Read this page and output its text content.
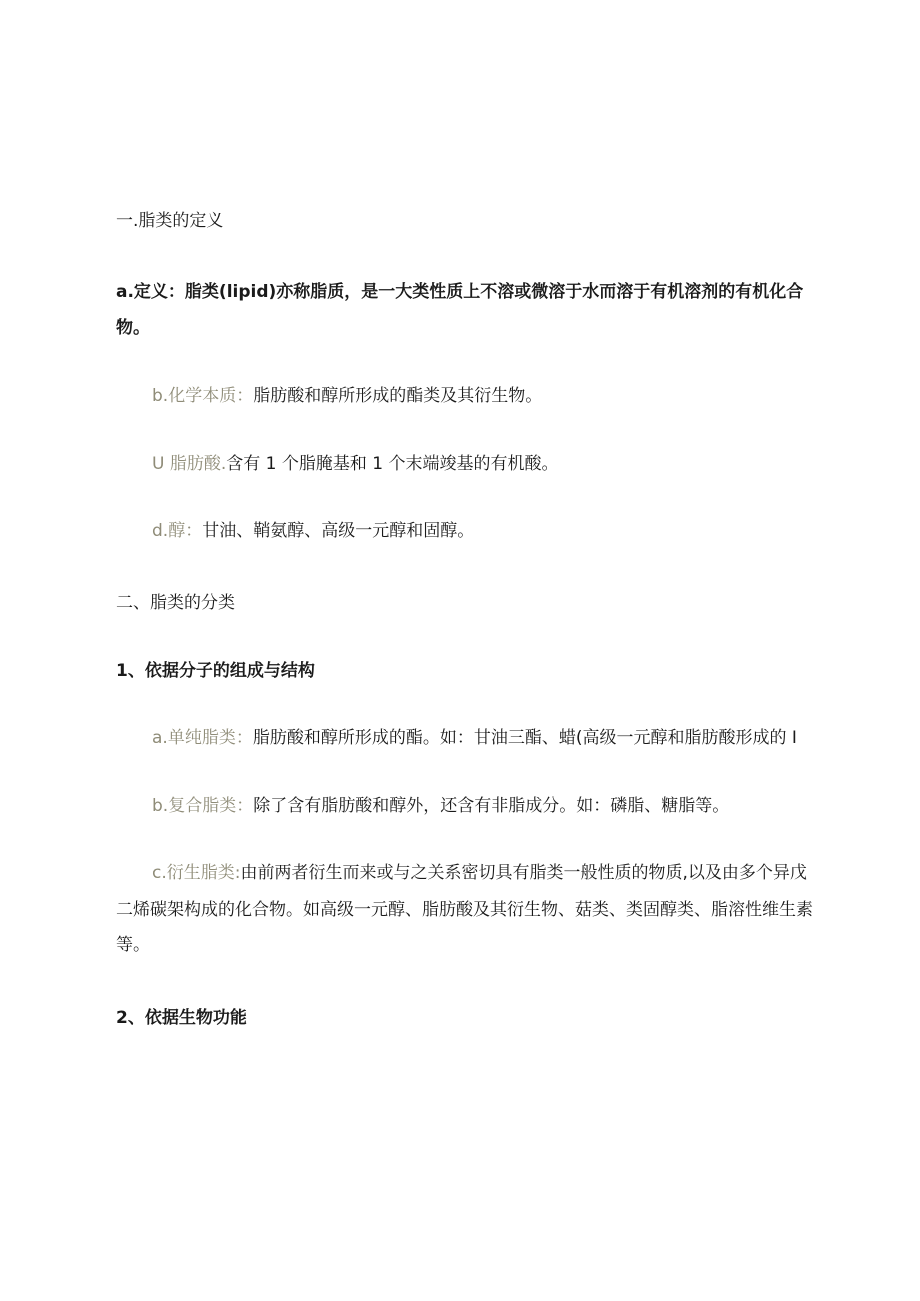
一.脂类的定义
a.定义：脂类(lipid)亦称脂质，是一大类性质上不溶或微溶于水而溶于有机溶剂的有机化合
物。
b.化学本质：脂肪酸和醇所形成的酯类及其衍生物。
U 脂肪酸.含有 1 个脂腌基和 1 个末端竣基的有机酸。
d.醇：甘油、鞘氨醇、高级一元醇和固醇。
二、脂类的分类
1、依据分子的组成与结构
a.单纯脂类：脂肪酸和醇所形成的酯。如：甘油三酯、蜡(高级一元醇和脂肪酸形成的 I
b.复合脂类：除了含有脂肪酸和醇外，还含有非脂成分。如：磷脂、糖脂等。
c.衍生脂类:由前两者衍生而来或与之关系密切具有脂类一般性质的物质,以及由多个异戊
二烯碳架构成的化合物。如高级一元醇、脂肪酸及其衍生物、菇类、类固醇类、脂溶性维生素
等。
2、依据生物功能
